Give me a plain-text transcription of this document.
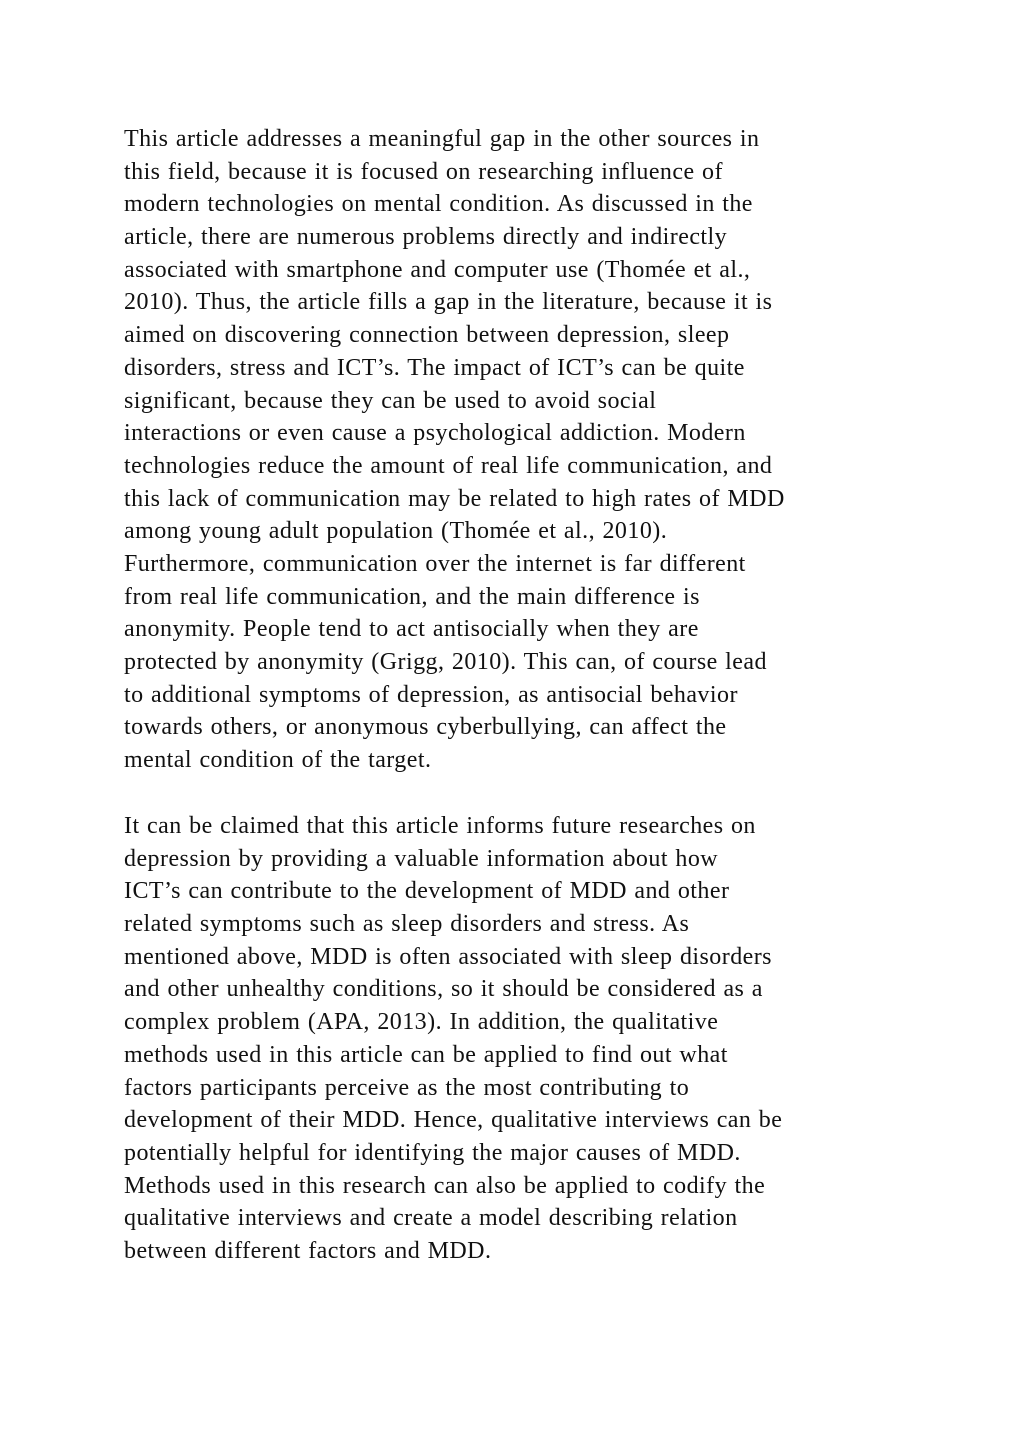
This article addresses a meaningful gap in the other sources in
this field, because it is focused on researching influence of
modern technologies on mental condition. As discussed in the
article, there are numerous problems directly and indirectly
associated with smartphone and computer use (Thomée et al.,
2010). Thus, the article fills a gap in the literature, because it is
aimed on discovering connection between depression, sleep
disorders, stress and ICT’s. The impact of ICT’s can be quite
significant, because they can be used to avoid social
interactions or even cause a psychological addiction. Modern
technologies reduce the amount of real life communication, and
this lack of communication may be related to high rates of MDD
among young adult population (Thomée et al., 2010).
Furthermore, communication over the internet is far different
from real life communication, and the main difference is
anonymity. People tend to act antisocially when they are
protected by anonymity (Grigg, 2010). This can, of course lead
to additional symptoms of depression, as antisocial behavior
towards others, or anonymous cyberbullying, can affect the
mental condition of the target.
It can be claimed that this article informs future researches on
depression by providing a valuable information about how
ICT’s can contribute to the development of MDD and other
related symptoms such as sleep disorders and stress. As
mentioned above, MDD is often associated with sleep disorders
and other unhealthy conditions, so it should be considered as a
complex problem (APA, 2013). In addition, the qualitative
methods used in this article can be applied to find out what
factors participants perceive as the most contributing to
development of their MDD. Hence, qualitative interviews can be
potentially helpful for identifying the major causes of MDD.
Methods used in this research can also be applied to codify the
qualitative interviews and create a model describing relation
between different factors and MDD.
